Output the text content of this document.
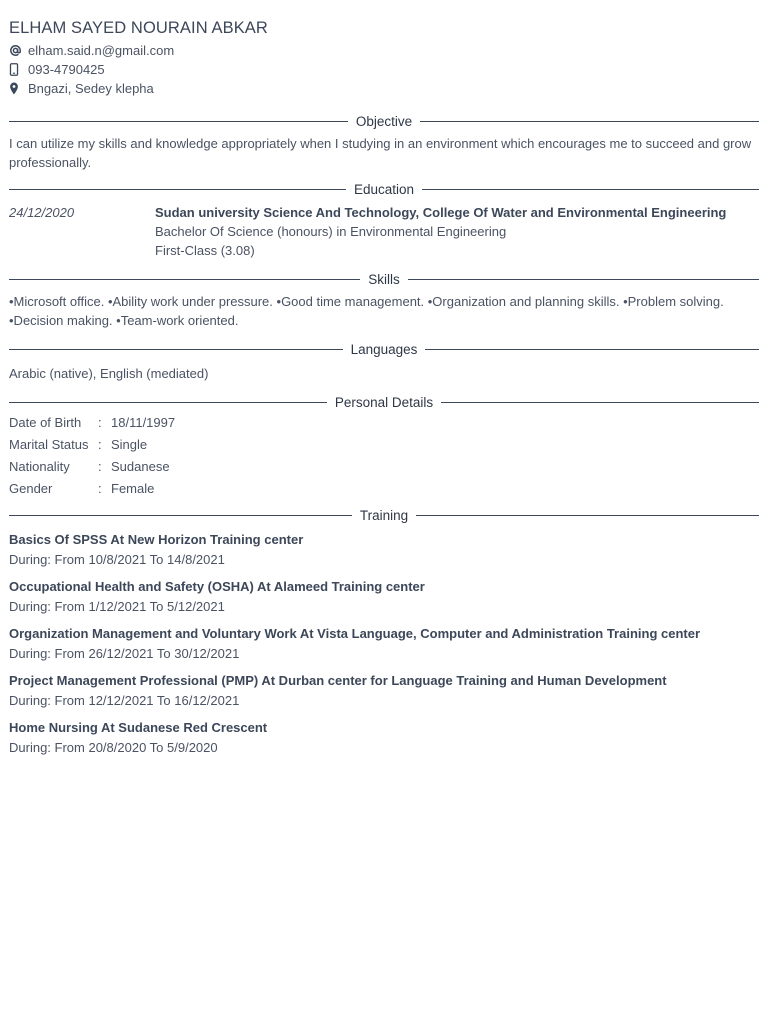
ELHAM SAYED NOURAIN ABKAR
elham.said.n@gmail.com
093-4790425
Bngazi, Sedey klepha
Objective

I can utilize my skills and knowledge appropriately when I studying in an environment which encourages me to succeed and grow professionally.

Education
24/12/2020	Sudan university Science And Technology, College Of Water and Environmental Engineering
Bachelor Of Science (honours) in Environmental Engineering
First-Class (3.08)
Skills

•Microsoft office. •Ability work under pressure. •Good time management. •Organization and planning skills. •Problem solving. •Decision making. •Team-work oriented.

Languages

Arabic (native), English (mediated)

Personal Details
Date of Birth	: 18/11/1997
Marital Status : Single
Nationality	: Sudanese
Gender	: Female
Training
Basics Of SPSS At New Horizon Training center
During: From 10/8/2021 To 14/8/2021
Occupational Health and Safety (OSHA) At Alameed Training center
During: From 1/12/2021 To 5/12/2021
Organization Management and Voluntary Work At Vista Language, Computer and Administration Training center
During: From 26/12/2021 To 30/12/2021
Project Management Professional (PMP) At Durban center for Language Training and Human Development
During: From 12/12/2021 To 16/12/2021
Home Nursing At Sudanese Red Crescent
During: From 20/8/2020 To 5/9/2020
